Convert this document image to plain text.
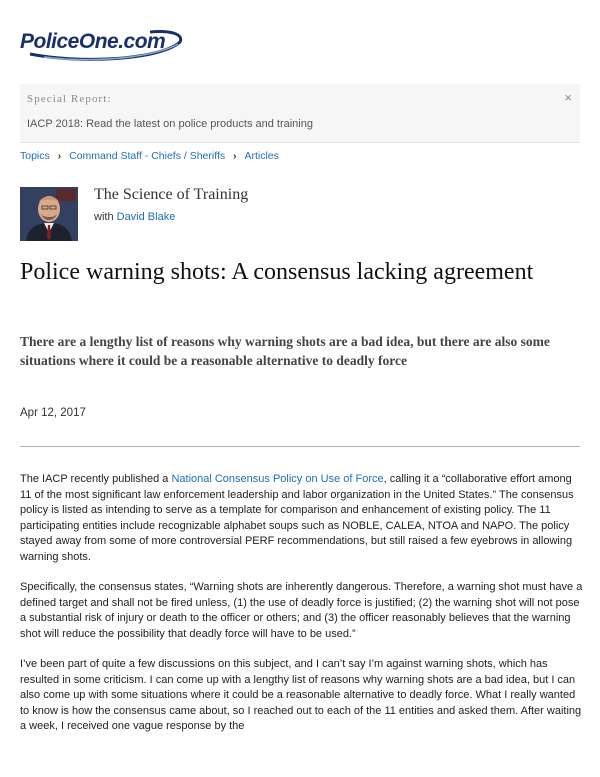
PoliceOne.com
Special Report:	×
IACP 2018: Read the latest on police products and training
Topics › Command Staff - Chiefs / Sheriffs › Articles
The Science of Training
with David Blake
Police warning shots: A consensus lacking agreement
There are a lengthy list of reasons why warning shots are a bad idea, but there are also some situations where it could be a reasonable alternative to deadly force
Apr 12, 2017

The IACP recently published a National Consensus Policy on Use of Force, calling it a “collaborative effort among 11 of the most significant law enforcement leadership and labor organization in the United States.” The consensus policy is listed as intending to serve as a template for comparison and enhancement of existing policy. The 11 participating entities include recognizable alphabet soups such as NOBLE, CALEA, NTOA and NAPO. The policy stayed away from some of more controversial PERF recommendations, but still raised a few eyebrows in allowing warning shots.

Specifically, the consensus states, “Warning shots are inherently dangerous. Therefore, a warning shot must have a defined target and shall not be fired unless, (1) the use of deadly force is justified; (2) the warning shot will not pose a substantial risk of injury or death to the officer or others; and (3) the officer reasonably believes that the warning shot will reduce the possibility that deadly force will have to be used.”

I’ve been part of quite a few discussions on this subject, and I can’t say I’m against warning shots, which has resulted in some criticism. I can come up with a lengthy list of reasons why warning shots are a bad idea, but I can also come up with some situations where it could be a reasonable alternative to deadly force. What I really wanted to know is how the consensus came about, so I reached out to each of the 11 entities and asked them. After waiting a week, I received one vague response by the
